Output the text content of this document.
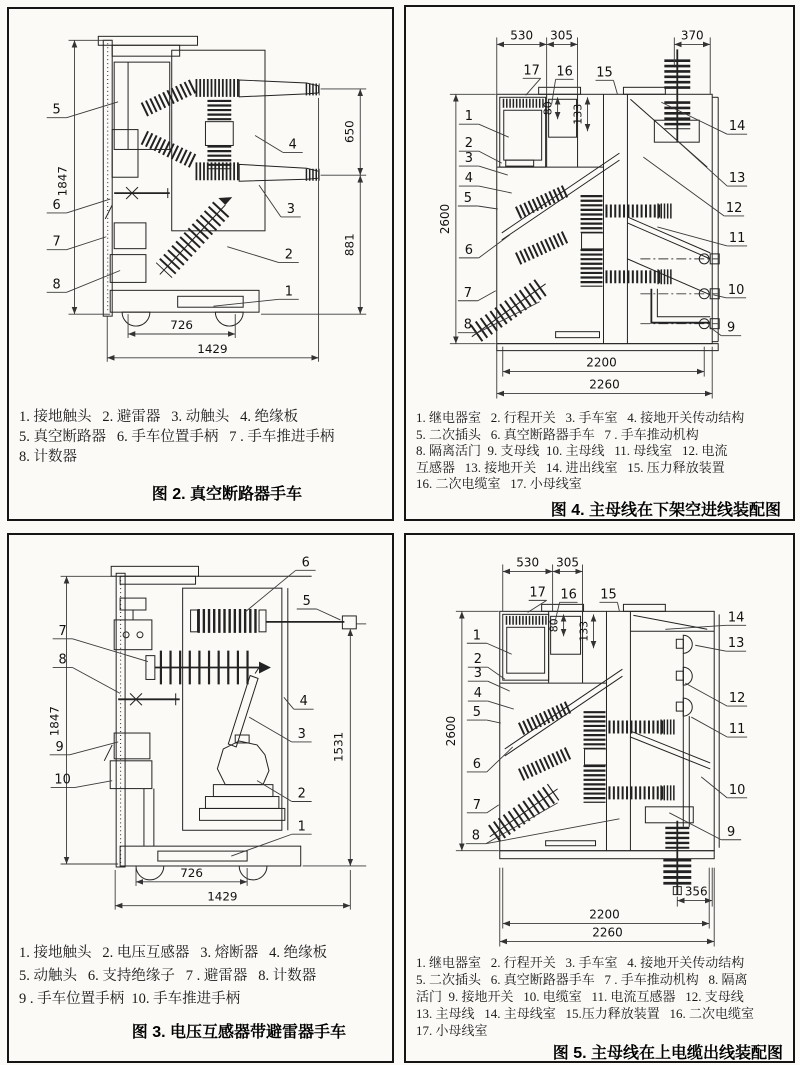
1847
650
881
726
1429
5
6
7
8
4
3
2
1
1. 接地触头   2. 避雷器   3. 动触头   4. 绝缘板
5. 真空断路器   6. 手车位置手柄   7 . 手车推进手柄
8. 计数器
图 2. 真空断路器手车
530 305	370
2600
80 133
2200
2260
17 16 15
1
2
3
4
5
6
7
8
14
13
12
11
10
9
1. 继电器室   2. 行程开关   3. 手车室   4. 接地开关传动结构
5. 二次插头   6. 真空断路器手车   7 . 手车推动机构
8. 隔离活门  9. 支母线  10. 主母线   11. 母线室   12. 电流
互感器   13. 接地开关   14. 进出线室   15. 压力释放装置
16. 二次电缆室   17. 小母线室
图 4. 主母线在下架空进线装配图
1847
1531
726
1429
6
5
7
8
9
10
4
3
2
1
1. 接地触头   2. 电压互感器   3. 熔断器   4. 绝缘板
5. 动触头   6. 支持绝缘子   7 . 避雷器   8. 计数器
9 . 手车位置手柄  10. 手车推进手柄
图 3. 电压互感器带避雷器手车
530 305
2600
80 133
356
2200
2260
17 16 15
1
2
3
4
5
6
7
8
14
13
12
11
10
9
1. 继电器室   2. 行程开关   3. 手车室   4. 接地开关传动结构
5. 二次插头   6. 真空断路器手车   7 . 手车推动机构   8. 隔离
活门  9. 接地开关   10. 电缆室   11. 电流互感器   12. 支母线
13. 主母线   14. 主母线室   15.压力释放装置   16. 二次电缆室
17. 小母线室
图 5. 主母线在上电缆出线装配图
